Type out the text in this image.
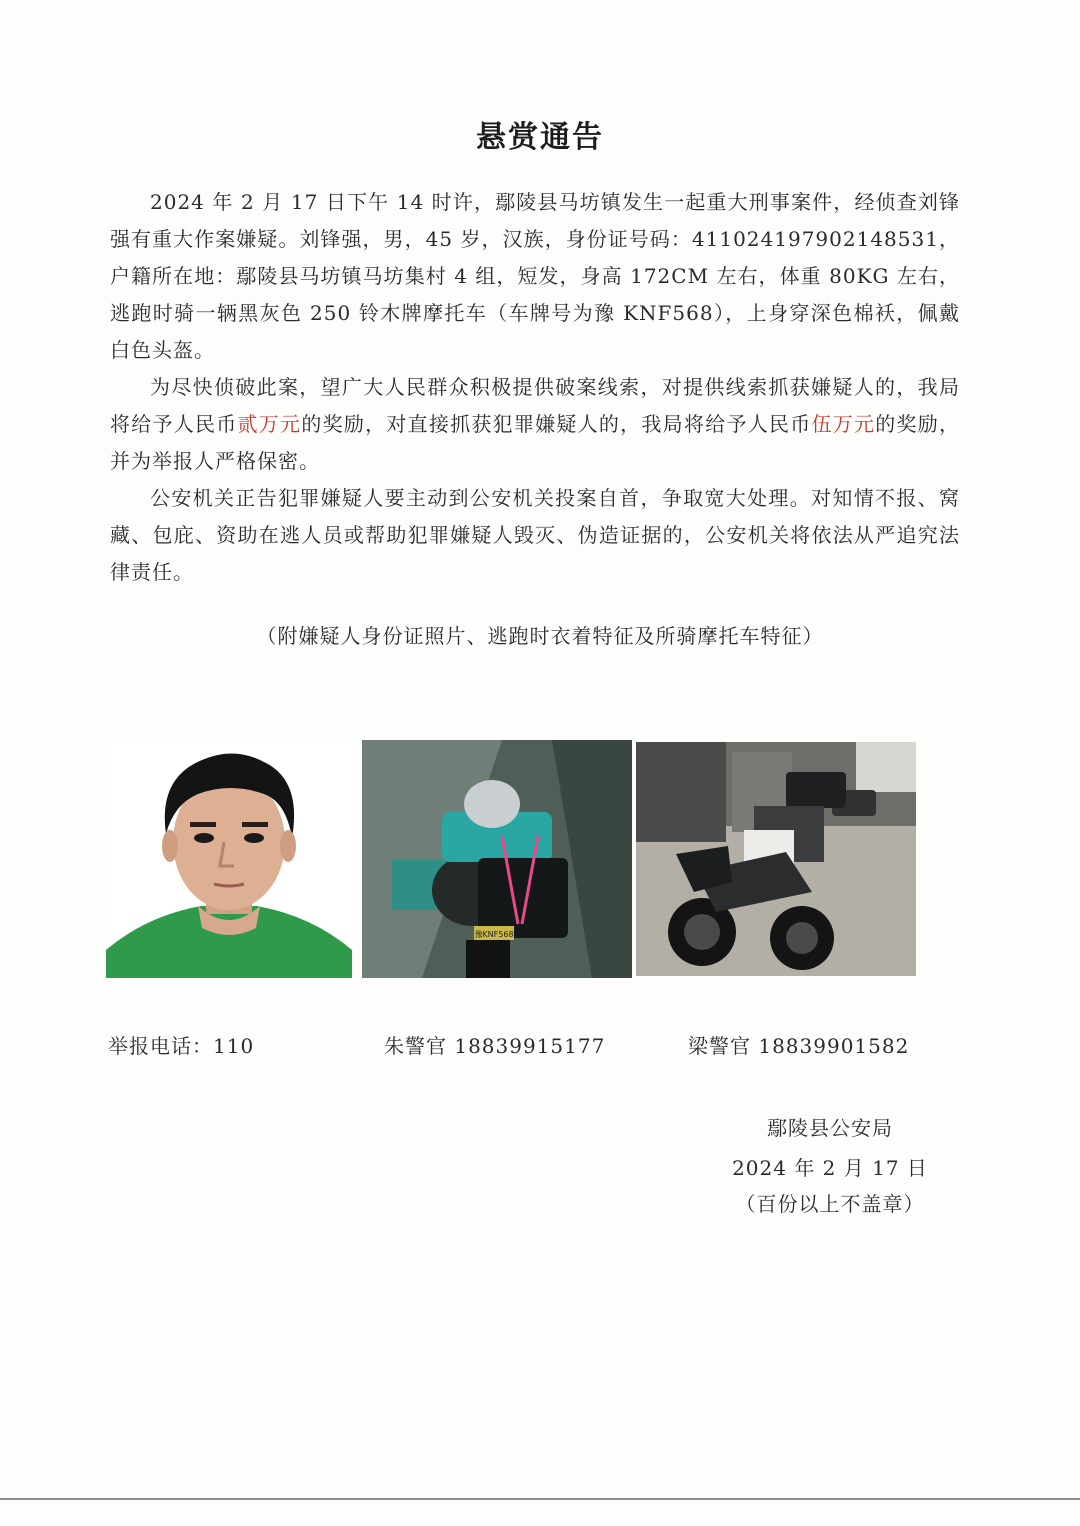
悬赏通告

2024 年 2 月 17 日下午 14 时许，鄢陵县马坊镇发生一起重大刑事案件，经侦查刘锋强有重大作案嫌疑。刘锋强，男，45 岁，汉族，身份证号码：411024197902148531，户籍所在地：鄢陵县马坊镇马坊集村 4 组，短发，身高 172CM 左右，体重 80KG 左右，逃跑时骑一辆黑灰色 250 铃木牌摩托车（车牌号为豫 KNF568），上身穿深色棉袄，佩戴白色头盔。

为尽快侦破此案，望广大人民群众积极提供破案线索，对提供线索抓获嫌疑人的，我局将给予人民币贰万元的奖励，对直接抓获犯罪嫌疑人的，我局将给予人民币伍万元的奖励，并为举报人严格保密。

公安机关正告犯罪嫌疑人要主动到公安机关投案自首，争取宽大处理。对知情不报、窝藏、包庇、资助在逃人员或帮助犯罪嫌疑人毁灭、伪造证据的，公安机关将依法从严追究法律责任。

（附嫌疑人身份证照片、逃跑时衣着特征及所骑摩托车特征）
豫KNF568
举报电话：110	朱警官 18839915177	梁警官 18839901582
鄢陵县公安局
2024 年 2 月 17 日
（百份以上不盖章）
